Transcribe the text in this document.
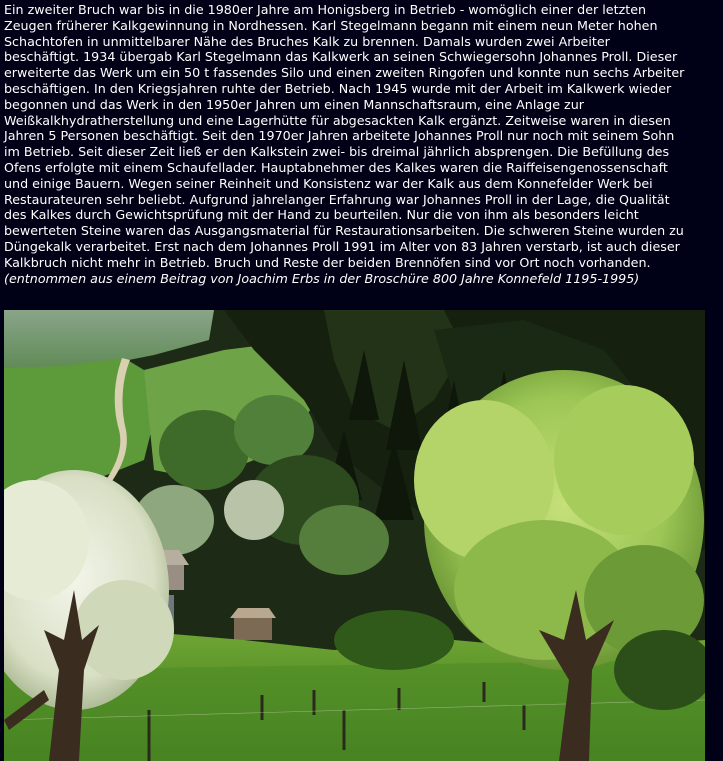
Ein zweiter Bruch war bis in die 1980er Jahre am Honigsberg in Betrieb - womöglich einer der letzten
Zeugen früherer Kalkgewinnung in Nordhessen. Karl Stegelmann begann mit einem neun Meter hohen
Schachtofen in unmittelbarer Nähe des Bruches Kalk zu brennen. Damals wurden zwei Arbeiter
beschäftigt. 1934 übergab Karl Stegelmann das Kalkwerk an seinen Schwiegersohn Johannes Proll. Dieser
erweiterte das Werk um ein 50 t fassendes Silo und einen zweiten Ringofen und konnte nun sechs Arbeiter
beschäftigen. In den Kriegsjahren ruhte der Betrieb. Nach 1945 wurde mit der Arbeit im Kalkwerk wieder
begonnen und das Werk in den 1950er Jahren um einen Mannschaftsraum, eine Anlage zur
Weißkalkhydratherstellung und eine Lagerhütte für abgesackten Kalk ergänzt. Zeitweise waren in diesen
Jahren 5 Personen beschäftigt. Seit den 1970er Jahren arbeitete Johannes Proll nur noch mit seinem Sohn
im Betrieb. Seit dieser Zeit ließ er den Kalkstein zwei- bis dreimal jährlich absprengen. Die Befüllung des
Ofens erfolgte mit einem Schaufellader. Hauptabnehmer des Kalkes waren die Raiffeisengenossenschaft
und einige Bauern. Wegen seiner Reinheit und Konsistenz war der Kalk aus dem Konnefelder Werk bei
Restaurateuren sehr beliebt. Aufgrund jahrelanger Erfahrung war Johannes Proll in der Lage, die Qualität
des Kalkes durch Gewichtsprüfung mit der Hand zu beurteilen. Nur die von ihm als besonders leicht
bewerteten Steine waren das Ausgangsmaterial für Restaurationsarbeiten. Die schweren Steine wurden zu
Düngekalk verarbeitet. Erst nach dem Johannes Proll 1991 im Alter von 83 Jahren verstarb, ist auch dieser
Kalkbruch nicht mehr in Betrieb. Bruch und Reste der beiden Brennöfen sind vor Ort noch vorhanden.
(entnommen aus einem Beitrag von Joachim Erbs in der Broschüre 800 Jahre Konnefeld 1195-1995)
